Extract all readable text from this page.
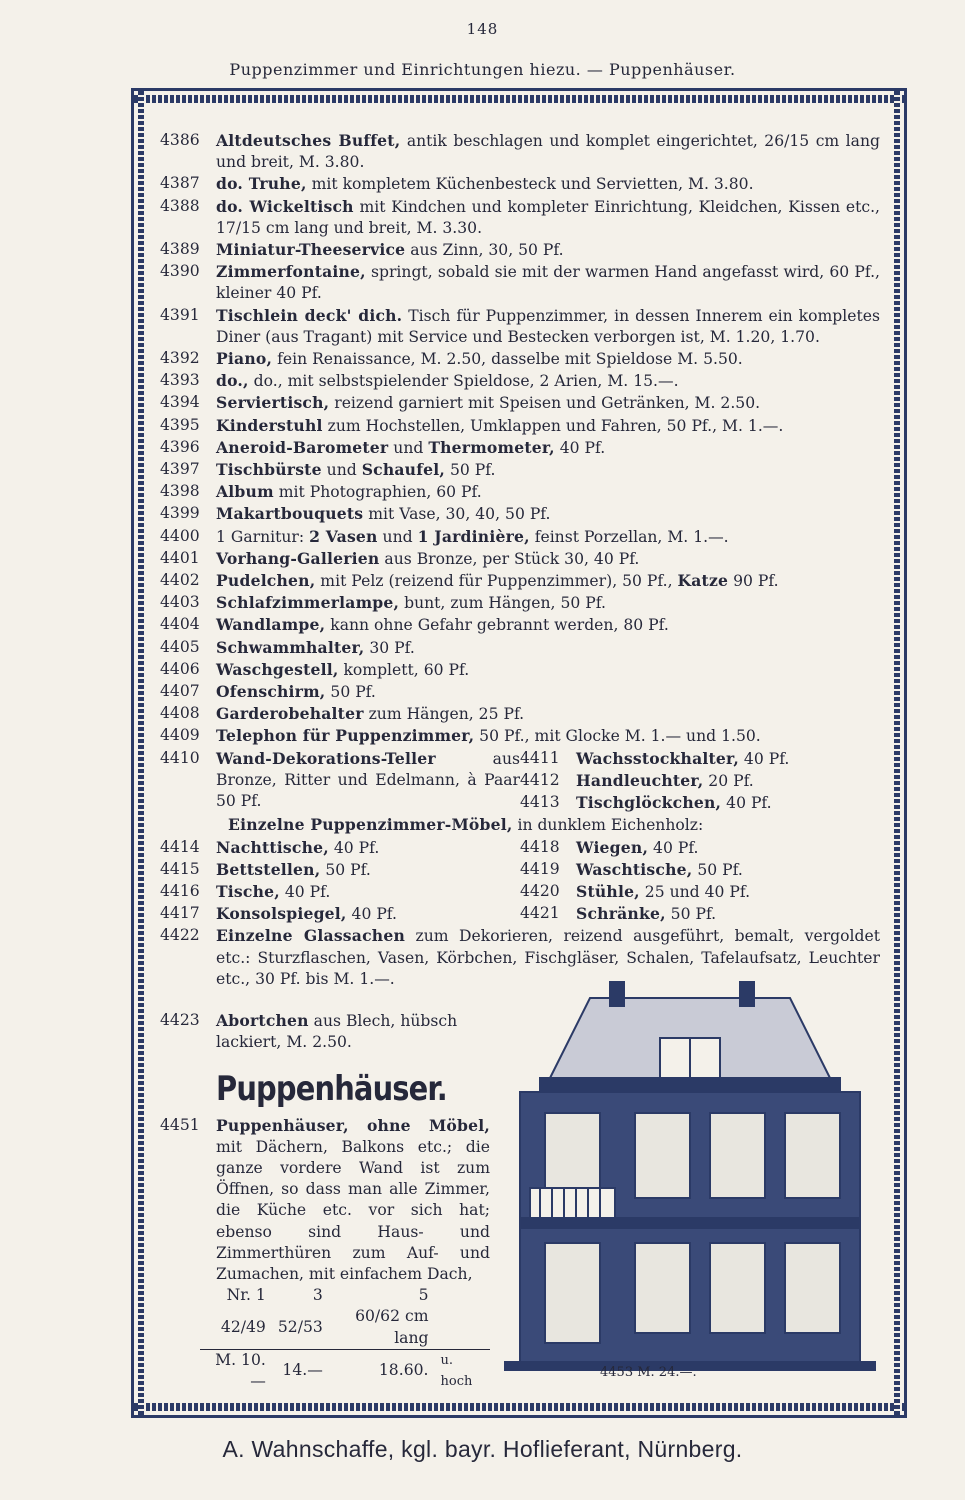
148
Puppenzimmer und Einrichtungen hiezu. — Puppenhäuser.
4386	Altdeutsches Buffet, antik beschlagen und komplet eingerichtet, 26/15 cm lang und breit, M. 3.80.
4387	do. Truhe, mit kompletem Küchenbesteck und Servietten, M. 3.80.
4388	do. Wickeltisch mit Kindchen und kompleter Einrichtung, Kleidchen, Kissen etc., 17/15 cm lang und breit, M. 3.30.
4389	Miniatur-Theeservice aus Zinn, 30, 50 Pf.
4390	Zimmerfontaine, springt, sobald sie mit der warmen Hand angefasst wird, 60 Pf., kleiner 40 Pf.
4391	Tischlein deck' dich. Tisch für Puppenzimmer, in dessen Innerem ein kompletes Diner (aus Tragant) mit Service und Bestecken verborgen ist, M. 1.20, 1.70.
4392	Piano, fein Renaissance, M. 2.50, dasselbe mit Spieldose M. 5.50.
4393	do., do., mit selbstspielender Spieldose, 2 Arien, M. 15.—.
4394	Serviertisch, reizend garniert mit Speisen und Getränken, M. 2.50.
4395	Kinderstuhl zum Hochstellen, Umklappen und Fahren, 50 Pf., M. 1.—.
4396	Aneroid-Barometer und Thermometer, 40 Pf.
4397	Tischbürste und Schaufel, 50 Pf.
4398	Album mit Photographien, 60 Pf.
4399	Makartbouquets mit Vase, 30, 40, 50 Pf.
4400	1 Garnitur: 2 Vasen und 1 Jardinière, feinst Porzellan, M. 1.—.
4401	Vorhang-Gallerien aus Bronze, per Stück 30, 40 Pf.
4402	Pudelchen, mit Pelz (reizend für Puppenzimmer), 50 Pf., Katze 90 Pf.
4403	Schlafzimmerlampe, bunt, zum Hängen, 50 Pf.
4404	Wandlampe, kann ohne Gefahr gebrannt werden, 80 Pf.
4405	Schwammhalter, 30 Pf.
4406	Waschgestell, komplett, 60 Pf.
4407	Ofenschirm, 50 Pf.
4408	Garderobehalter zum Hängen, 25 Pf.
4409	Telephon für Puppenzimmer, 50 Pf., mit Glocke M. 1.— und 1.50.
4410	Wand-Dekorations-Teller aus Bronze, Ritter und Edelmann, à Paar 50 Pf.
4411	Wachsstockhalter, 40 Pf.
4412	Handleuchter, 20 Pf.
4413	Tischglöckchen, 40 Pf.
Einzelne Puppenzimmer-Möbel, in dunklem Eichenholz:
4414	Nachttische, 40 Pf.
4415	Bettstellen, 50 Pf.
4416	Tische, 40 Pf.
4417	Konsolspiegel, 40 Pf.
4418	Wiegen, 40 Pf.
4419	Waschtische, 50 Pf.
4420	Stühle, 25 und 40 Pf.
4421	Schränke, 50 Pf.
4422	Einzelne Glassachen zum Dekorieren, reizend ausgeführt, bemalt, vergoldet etc.: Sturzflaschen, Vasen, Körbchen, Fischgläser, Schalen, Tafelaufsatz, Leuchter etc., 30 Pf. bis M. 1.—.
4423	Abortchen aus Blech, hübsch lackiert, M. 2.50.
Puppenhäuser.
4451	Puppenhäuser, ohne Möbel, mit Dächern, Balkons etc.; die ganze vordere Wand ist zum Öffnen, so dass man alle Zimmer, die Küche etc. vor sich hat; ebenso sind Haus- und Zimmerthüren zum Auf- und Zumachen, mit einfachem Dach,
Nr. 1	3	5	
42/49	52/53	60/62 cm lang	
M. 10.—	14.—	18.60.	u. hoch
4453 M. 24.—.
A. Wahnschaffe, kgl. bayr. Hoflieferant, Nürnberg.
